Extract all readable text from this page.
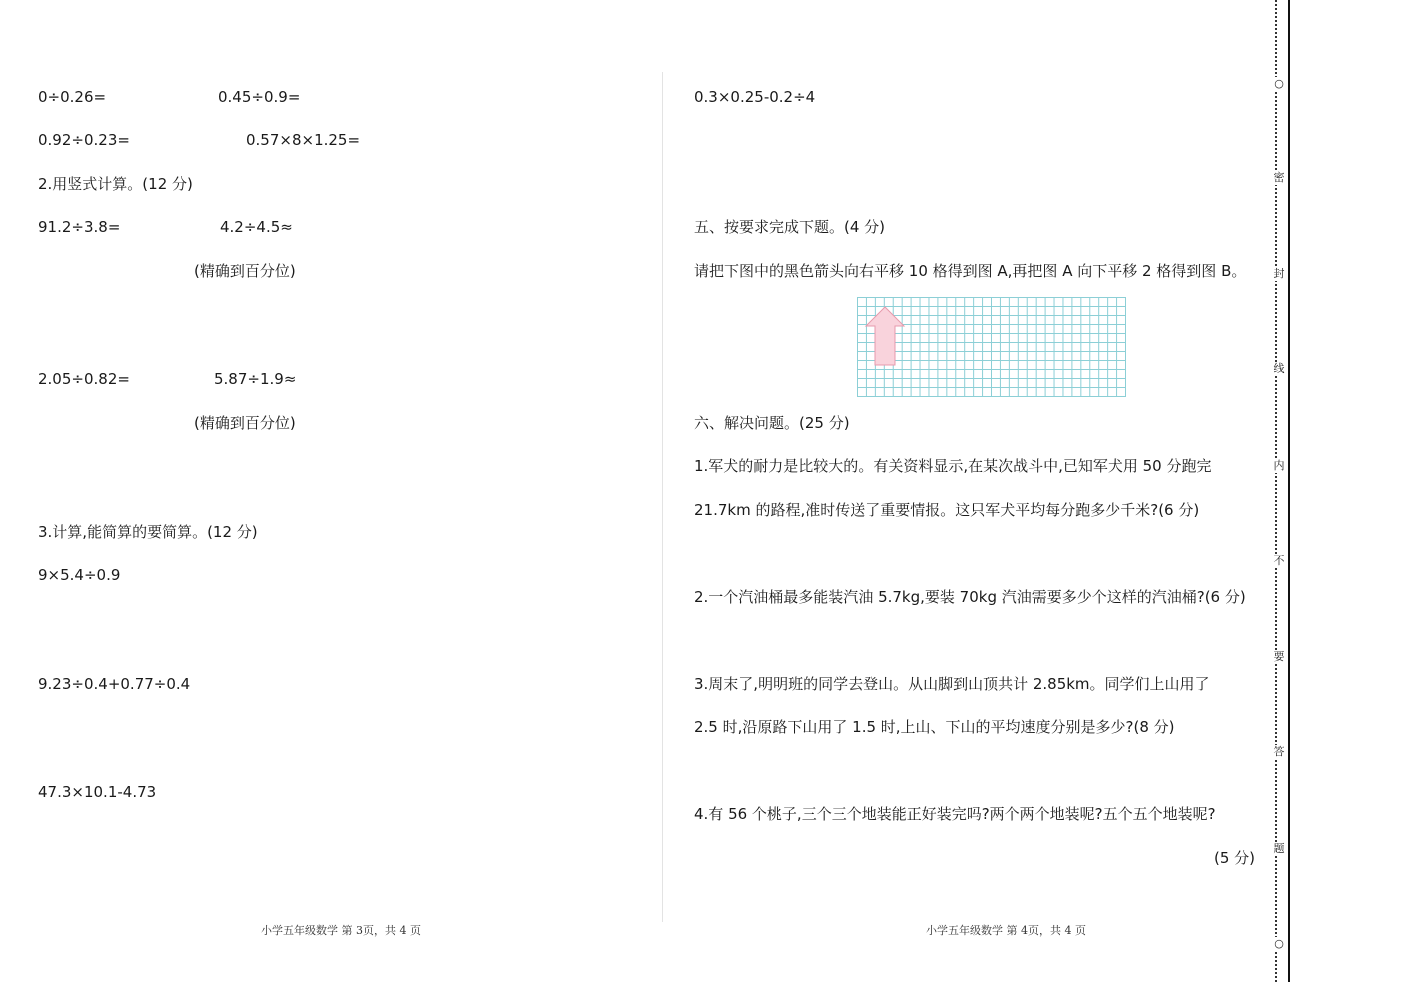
0÷0.26=	0.45÷0.9=
0.92÷0.23=	0.57×8×1.25=
2.用竖式计算。(12 分)
91.2÷3.8=	4.2÷4.5≈
(精确到百分位)
2.05÷0.82=	5.87÷1.9≈
(精确到百分位)
3.计算,能简算的要简算。(12 分)
9×5.4÷0.9
9.23÷0.4+0.77÷0.4
47.3×10.1-4.73
小学五年级数学 第 3页，共 4 页
0.3×0.25-0.2÷4
五、按要求完成下题。(4 分)
请把下图中的黑色箭头向右平移 10 格得到图 A,再把图 A 向下平移 2 格得到图 B。
六、解决问题。(25 分)
1.军犬的耐力是比较大的。有关资料显示,在某次战斗中,已知军犬用 50 分跑完
21.7km 的路程,准时传送了重要情报。这只军犬平均每分跑多少千米?(6 分)
2.一个汽油桶最多能装汽油 5.7kg,要装 70kg 汽油需要多少个这样的汽油桶?(6 分)
3.周末了,明明班的同学去登山。从山脚到山顶共计 2.85km。同学们上山用了
2.5 时,沿原路下山用了 1.5 时,上山、下山的平均速度分别是多少?(8 分)
4.有 56 个桃子,三个三个地装能正好装完吗?两个两个地装呢?五个五个地装呢?
(5 分)
小学五年级数学 第 4页，共 4 页
○
密
封
线
内
不
要
答
题
○
